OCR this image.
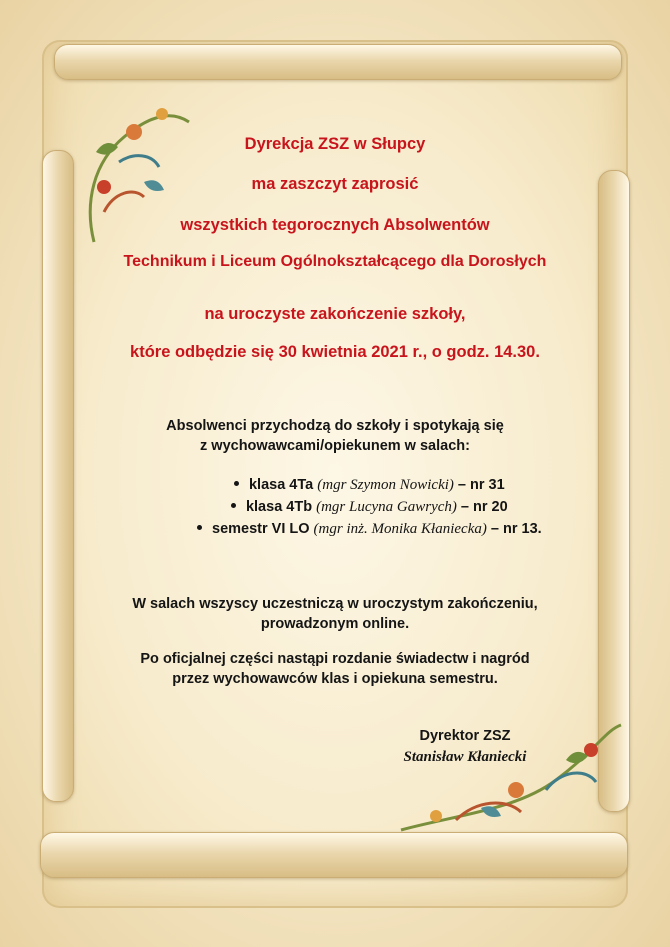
Dyrekcja ZSZ w Słupcy
ma zaszczyt zaprosić
wszystkich tegorocznych Absolwentów
Technikum i Liceum Ogólnokształcącego dla Dorosłych
na uroczyste zakończenie szkoły,
które odbędzie się 30 kwietnia 2021 r., o godz. 14.30.
Absolwenci przychodzą do szkoły i spotykają się
z wychowawcami/opiekunem w salach:
klasa 4Ta (mgr Szymon Nowicki) – nr 31
klasa 4Tb (mgr Lucyna Gawrych) – nr 20
semestr VI LO (mgr inż. Monika Kłaniecka) – nr 13.
W salach wszyscy uczestniczą w uroczystym zakończeniu,
prowadzonym online.
Po oficjalnej części nastąpi rozdanie świadectw i nagród
przez wychowawców klas i opiekuna semestru.
Dyrektor ZSZ
Stanisław Kłaniecki
